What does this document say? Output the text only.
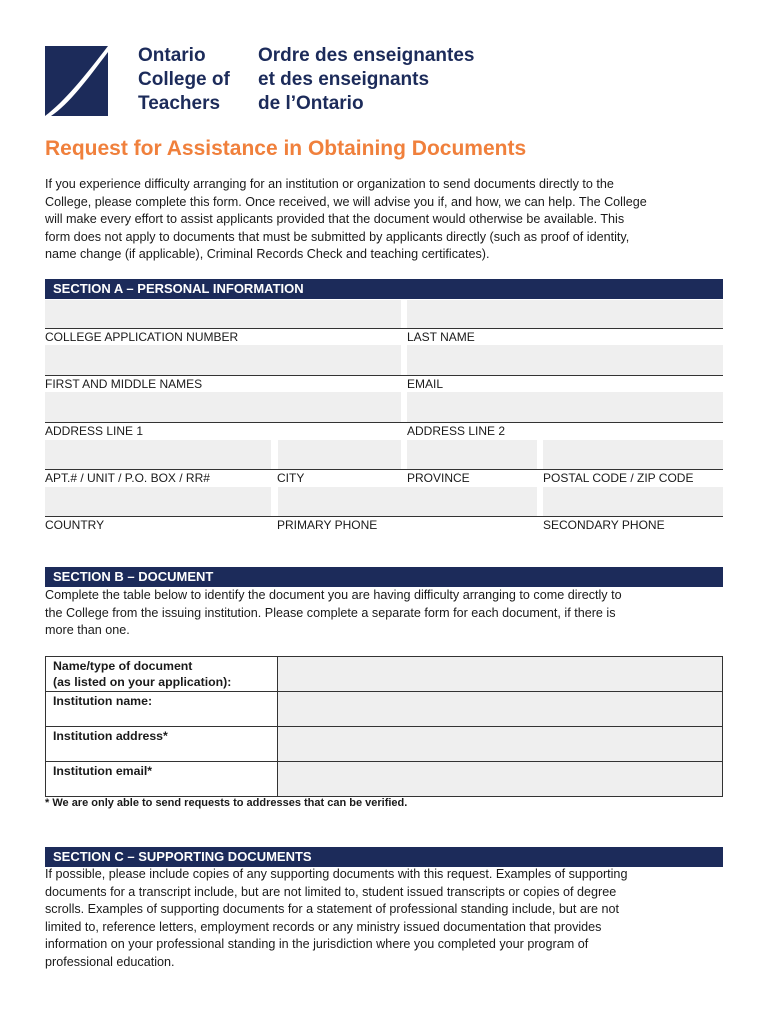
Ontario
College of
Teachers
Ordre des enseignantes
et des enseignants
de l’Ontario
Request for Assistance in Obtaining Documents
If you experience difficulty arranging for an institution or organization to send documents directly to the
College, please complete this form. Once received, we will advise you if, and how, we can help. The College
will make every effort to assist applicants provided that the document would otherwise be available. This
form does not apply to documents that must be submitted by applicants directly (such as proof of identity,
name change (if applicable), Criminal Records Check and teaching certificates).
SECTION A – PERSONAL INFORMATION
COLLEGE APPLICATION NUMBER	LAST NAME
FIRST AND MIDDLE NAMES	EMAIL
ADDRESS LINE 1	ADDRESS LINE 2
APT.# / UNIT / P.O. BOX / RR#	CITY	PROVINCE	POSTAL CODE / ZIP CODE
COUNTRY	PRIMARY PHONE	SECONDARY PHONE
SECTION B – DOCUMENT
Complete the table below to identify the document you are having difficulty arranging to come directly to
the College from the issuing institution. Please complete a separate form for each document, if there is
more than one.
Name/type of document
(as listed on your application):	

Institution name:	

Institution address*	

Institution email*	

* We are only able to send requests to addresses that can be verified.
SECTION C – SUPPORTING DOCUMENTS
If possible, please include copies of any supporting documents with this request. Examples of supporting
documents for a transcript include, but are not limited to, student issued transcripts or copies of degree
scrolls. Examples of supporting documents for a statement of professional standing include, but are not
limited to, reference letters, employment records or any ministry issued documentation that provides
information on your professional standing in the jurisdiction where you completed your program of
professional education.
